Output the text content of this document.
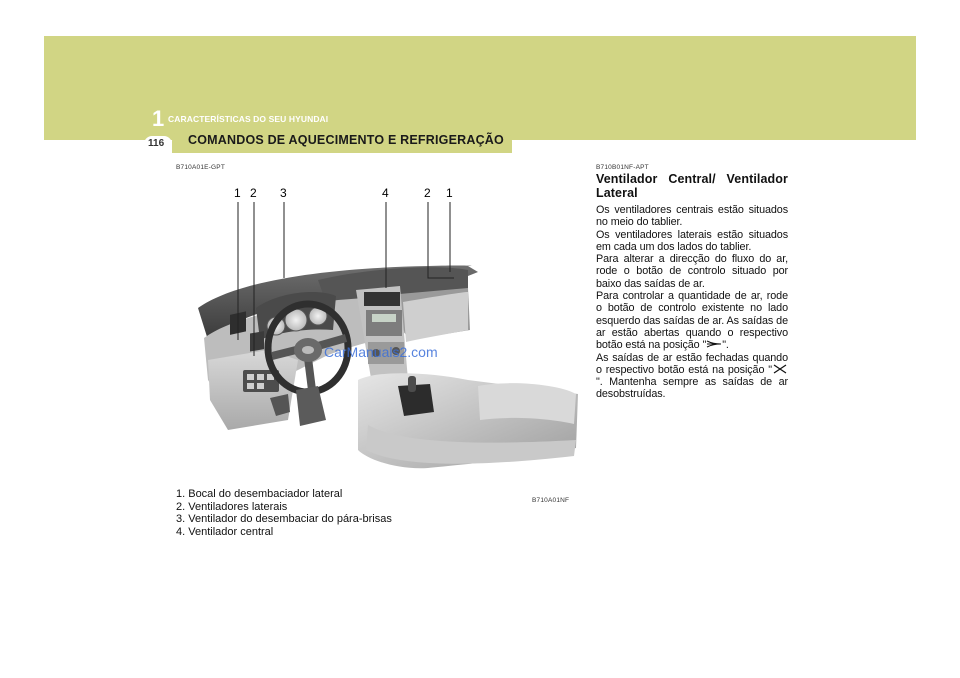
1 CARACTERÍSTICAS DO SEU HYUNDAI
116 COMANDOS DE AQUECIMENTO E REFRIGERAÇÃO
B710A01E-GPT	B710B01NF-APT
1 2 3	4	2 1
CarManuals2.com
B710A01NF
1. Bocal do desembaciador lateral
2. Ventiladores laterais
3. Ventilador do desembaciar do pára-brisas
4. Ventilador central
Ventilador Central/ Ventilador Lateral

Os ventiladores centrais estão situados no meio do tablier.

Os ventiladores laterais estão situados em cada um dos lados do tablier.

Para alterar a direcção do fluxo do ar, rode o botão de controlo situado por baixo das saídas de ar.

Para controlar a quantidade de ar, rode o botão de controlo existente no lado esquerdo das saídas de ar. As saídas de ar estão abertas quando o respectivo botão está na posição " ".

As saídas de ar estão fechadas quando o respectivo botão está na posição "". Mantenha sempre as saídas de ar desobstruídas.
